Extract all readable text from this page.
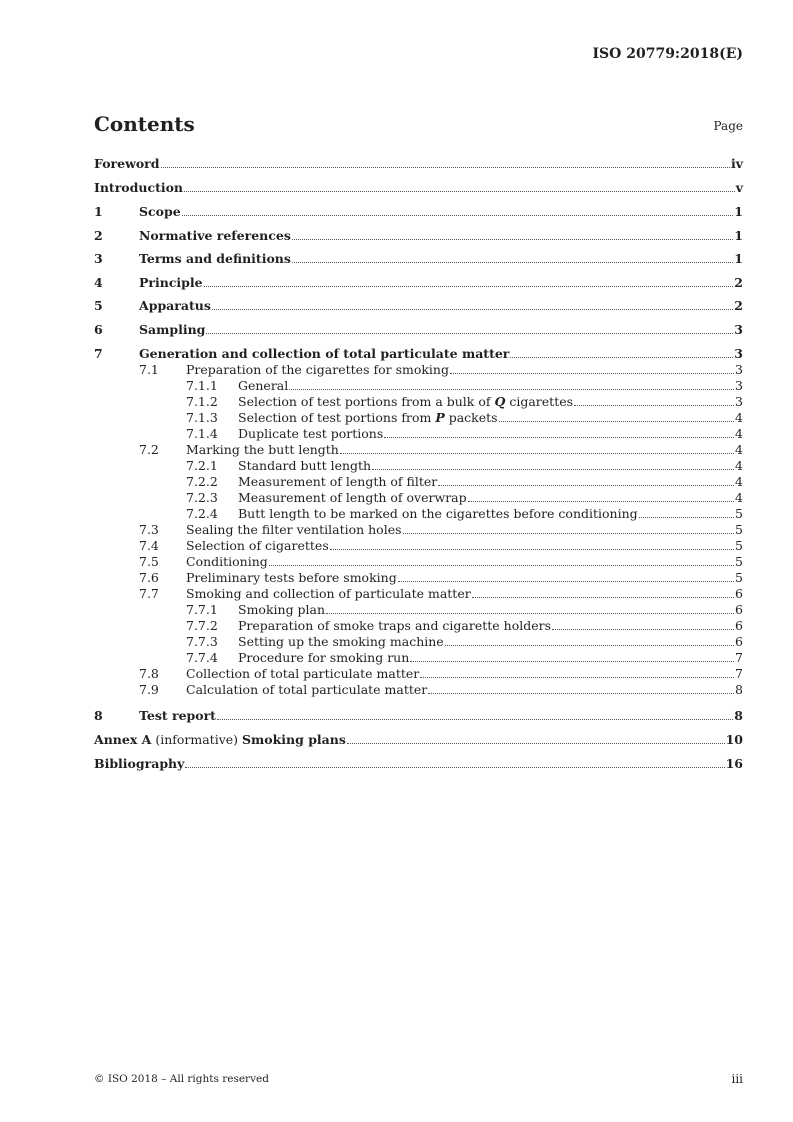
ISO 20779:2018(E)
Contents	Page
Foreword	iv
Introduction	v
1	Scope	1
2	Normative references	1
3	Terms and definitions	1
4	Principle	2
5	Apparatus	2
6	Sampling	3
7	Generation and collection of total particulate matter	3
7.1 Preparation of the cigarettes for smoking	3
7.1.1 General	3
7.1.2 Selection of test portions from a bulk of Q cigarettes	3
7.1.3 Selection of test portions from P packets	4
7.1.4 Duplicate test portions	4
7.2 Marking the butt length	4
7.2.1 Standard butt length	4
7.2.2 Measurement of length of filter	4
7.2.3 Measurement of length of overwrap	4
7.2.4 Butt length to be marked on the cigarettes before conditioning	5
7.3 Sealing the filter ventilation holes	5
7.4 Selection of cigarettes	5
7.5 Conditioning	5
7.6 Preliminary tests before smoking	5
7.7 Smoking and collection of particulate matter	6
7.7.1 Smoking plan	6
7.7.2 Preparation of smoke traps and cigarette holders	6
7.7.3 Setting up the smoking machine	6
7.7.4 Procedure for smoking run	7
7.8 Collection of total particulate matter	7
7.9 Calculation of total particulate matter	8
8	Test report	8
Annex A (informative) Smoking plans	10
Bibliography	16
© ISO 2018 – All rights reserved	iii
